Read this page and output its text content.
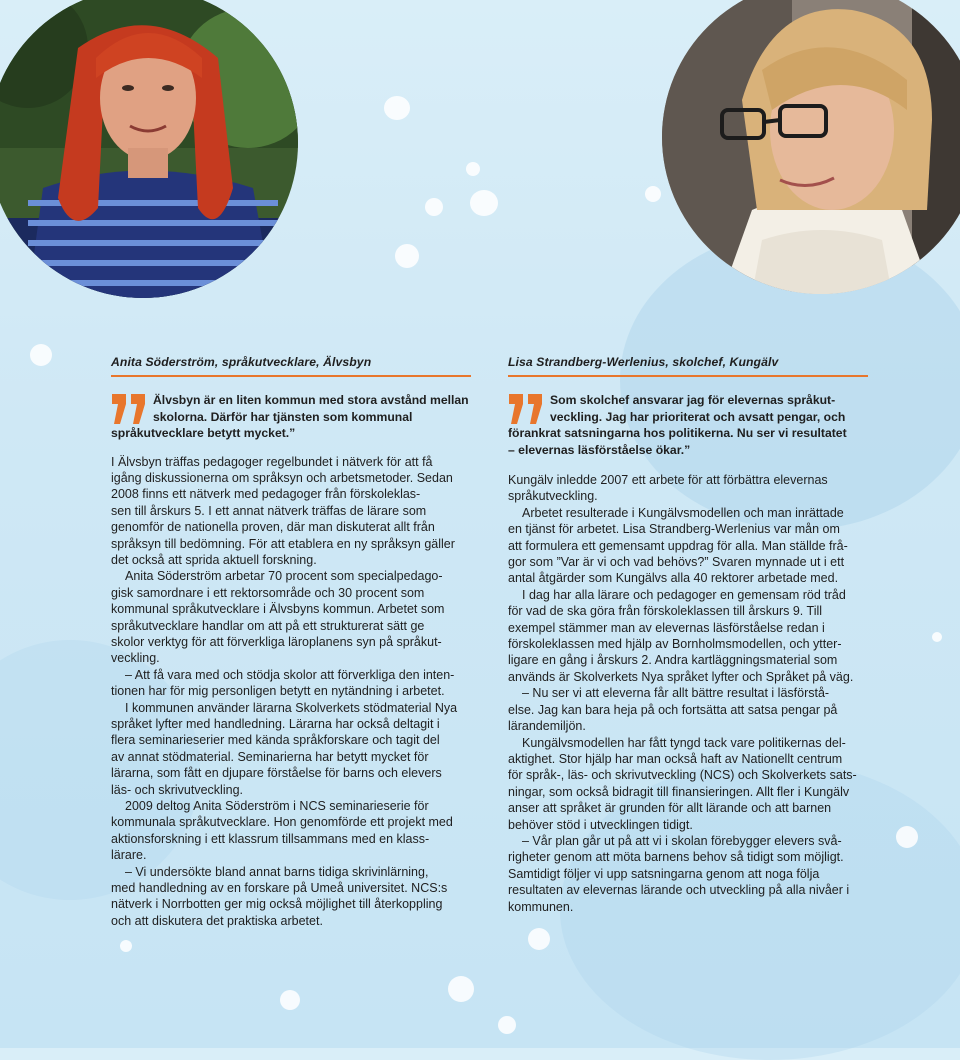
Anita Söderström, språkutvecklare, Älvsbyn
Älvsbyn är en liten kommun med stora avstånd mellan
skolorna. Därför har tjänsten som kommunal
språkutvecklare betytt mycket.”
I Älvsbyn träffas pedagoger regelbundet i nätverk för att få
igång diskussionerna om språksyn och arbetsmetoder. Sedan
2008 finns ett nätverk med pedagoger från förskoleklas-
sen till årskurs 5. I ett annat nätverk träffas de lärare som
genomför de nationella proven, där man diskuterat allt från
språksyn till bedömning. För att etablera en ny språksyn gäller
det också att sprida aktuell forskning.
Anita Söderström arbetar 70 procent som specialpedago-
gisk samordnare i ett rektorsområde och 30 procent som
kommunal språkutvecklare i Älvsbyns kommun. Arbetet som
språkutvecklare handlar om att på ett strukturerat sätt ge
skolor verktyg för att förverkliga läroplanens syn på språkut-
veckling.
– Att få vara med och stödja skolor att förverkliga den inten-
tionen har för mig personligen betytt en nytändning i arbetet.
I kommunen använder lärarna Skolverkets stödmaterial Nya
språket lyfter med handledning. Lärarna har också deltagit i
flera seminarieserier med kända språkforskare och tagit del
av annat stödmaterial. Seminarierna har betytt mycket för
lärarna, som fått en djupare förståelse för barns och elevers
läs- och skrivutveckling.
2009 deltog Anita Söderström i NCS seminarieserie för
kommunala språkutvecklare. Hon genomförde ett projekt med
aktionsforskning i ett klassrum tillsammans med en klass-
lärare.
– Vi undersökte bland annat barns tidiga skrivinlärning,
med handledning av en forskare på Umeå universitet. NCS:s
nätverk i Norrbotten ger mig också möjlighet till återkoppling
och att diskutera det praktiska arbetet.
Lisa Strandberg-Werlenius, skolchef, Kungälv
Som skolchef ansvarar jag för elevernas språkut-
veckling. Jag har prioriterat och avsatt pengar, och
förankrat satsningarna hos politikerna. Nu ser vi resultatet
– elevernas läsförståelse ökar.”
Kungälv inledde 2007 ett arbete för att förbättra elevernas
språkutveckling.
Arbetet resulterade i Kungälvsmodellen och man inrättade
en tjänst för arbetet. Lisa Strandberg-Werlenius var mån om
att formulera ett gemensamt uppdrag för alla. Man ställde frå-
gor som ”Var är vi och vad behövs?” Svaren mynnade ut i ett
antal åtgärder som Kungälvs alla 40 rektorer arbetade med.
I dag har alla lärare och pedagoger en gemensam röd tråd
för vad de ska göra från förskoleklassen till årskurs 9. Till
exempel stämmer man av elevernas läsförståelse redan i
förskoleklassen med hjälp av Bornholmsmodellen, och ytter-
ligare en gång i årskurs 2. Andra kartläggningsmaterial som
används är Skolverkets Nya språket lyfter och Språket på väg.
– Nu ser vi att eleverna får allt bättre resultat i läsförstå-
else. Jag kan bara heja på och fortsätta att satsa pengar på
lärandemiljön.
Kungälvsmodellen har fått tyngd tack vare politikernas del-
aktighet. Stor hjälp har man också haft av Nationellt centrum
för språk-, läs- och skrivutveckling (NCS) och Skolverkets sats-
ningar, som också bidragit till finansieringen. Allt fler i Kungälv
anser att språket är grunden för allt lärande och att barnen
behöver stöd i utvecklingen tidigt.
– Vår plan går ut på att vi i skolan förebygger elevers svå-
righeter genom att möta barnens behov så tidigt som möjligt.
Samtidigt följer vi upp satsningarna genom att noga följa
resultaten av elevernas lärande och utveckling på alla nivåer i
kommunen.
